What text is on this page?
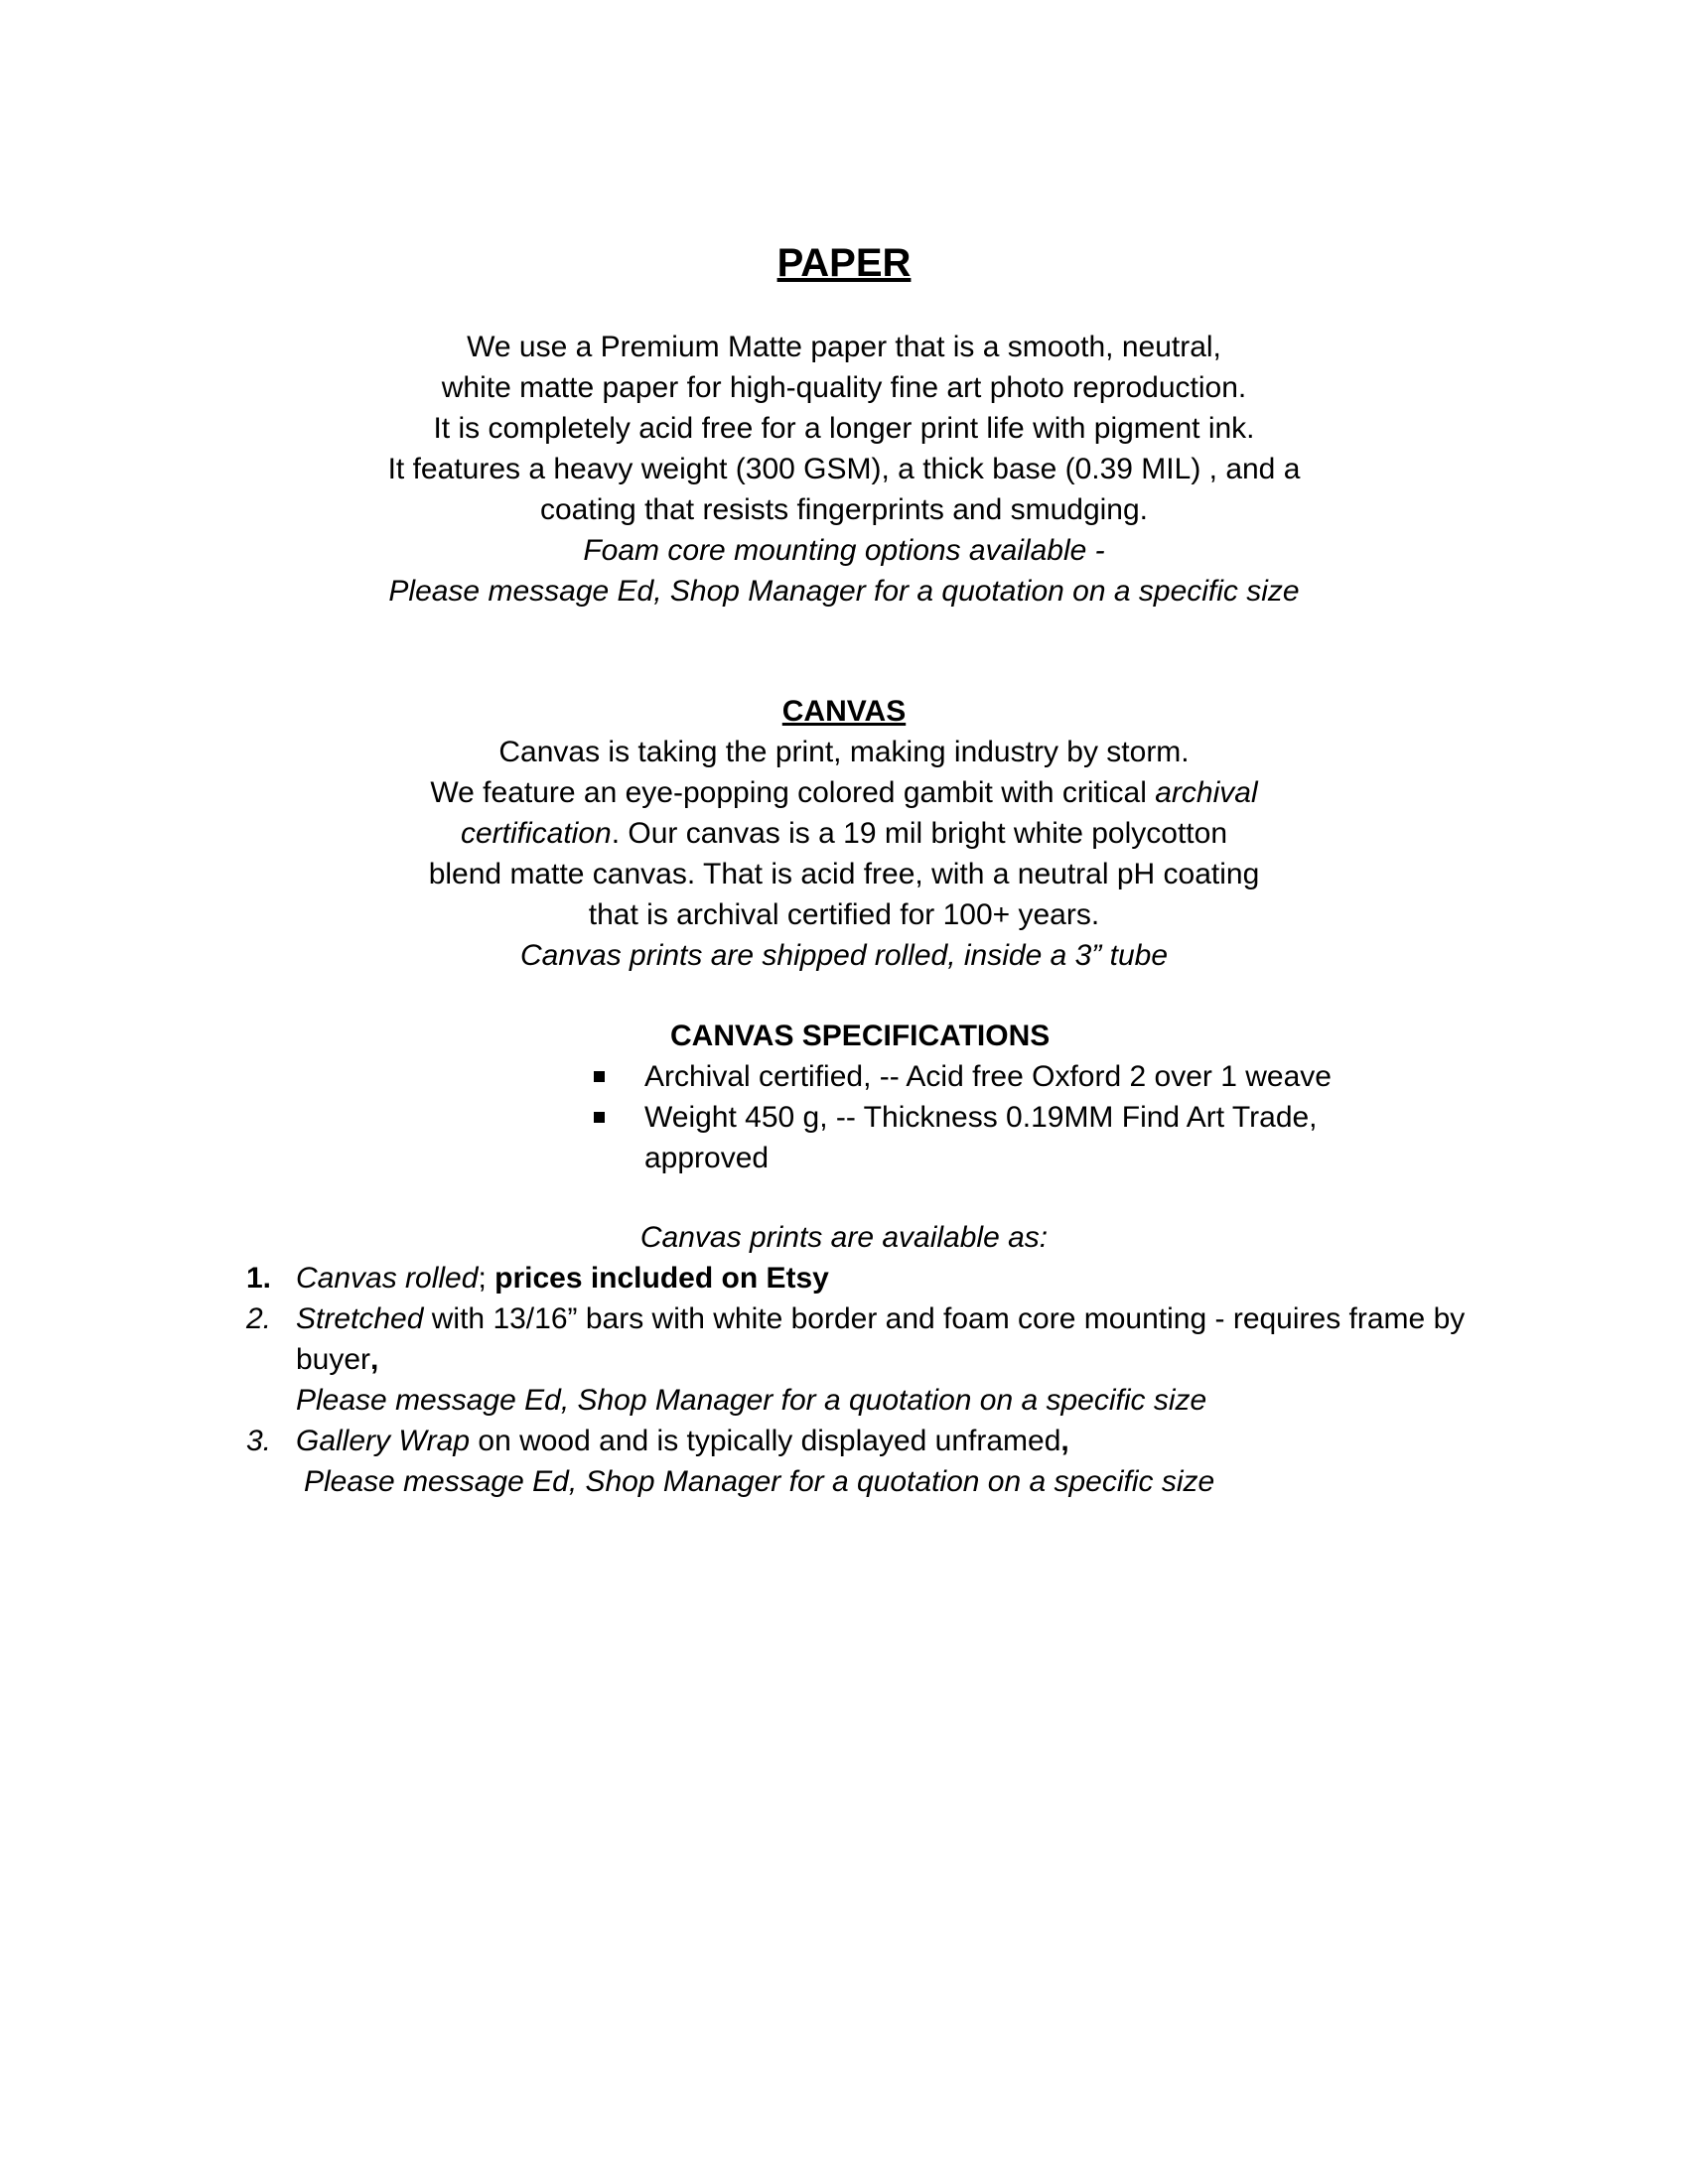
PAPER
We use a Premium Matte paper that is a smooth, neutral,
white matte paper for high-quality fine art photo reproduction.
It is completely acid free for a longer print life with pigment ink.
It features a heavy weight (300 GSM), a thick base (0.39 MIL) , and a
coating that resists fingerprints and smudging.
Foam core mounting options available -
Please message Ed, Shop Manager for a quotation on a specific size
CANVAS
Canvas is taking the print, making industry by storm.
We feature an eye-popping colored gambit with critical archival
certification. Our canvas is a 19 mil bright white polycotton
blend matte canvas. That is acid free, with a neutral pH coating
that is archival certified for 100+ years.
Canvas prints are shipped rolled, inside a 3” tube
CANVAS SPECIFICATIONS
Archival certified, -- Acid free Oxford 2 over 1 weave
Weight 450 g, -- Thickness 0.19MM Find Art Trade,
approved
Canvas prints are available as:
1. Canvas rolled; prices included on Etsy
2. Stretched with 13/16” bars with white border and foam core mounting - requires frame by
buyer,
Please message Ed, Shop Manager for a quotation on a specific size
3. Gallery Wrap on wood and is typically displayed unframed,
Please message Ed, Shop Manager for a quotation on a specific size
